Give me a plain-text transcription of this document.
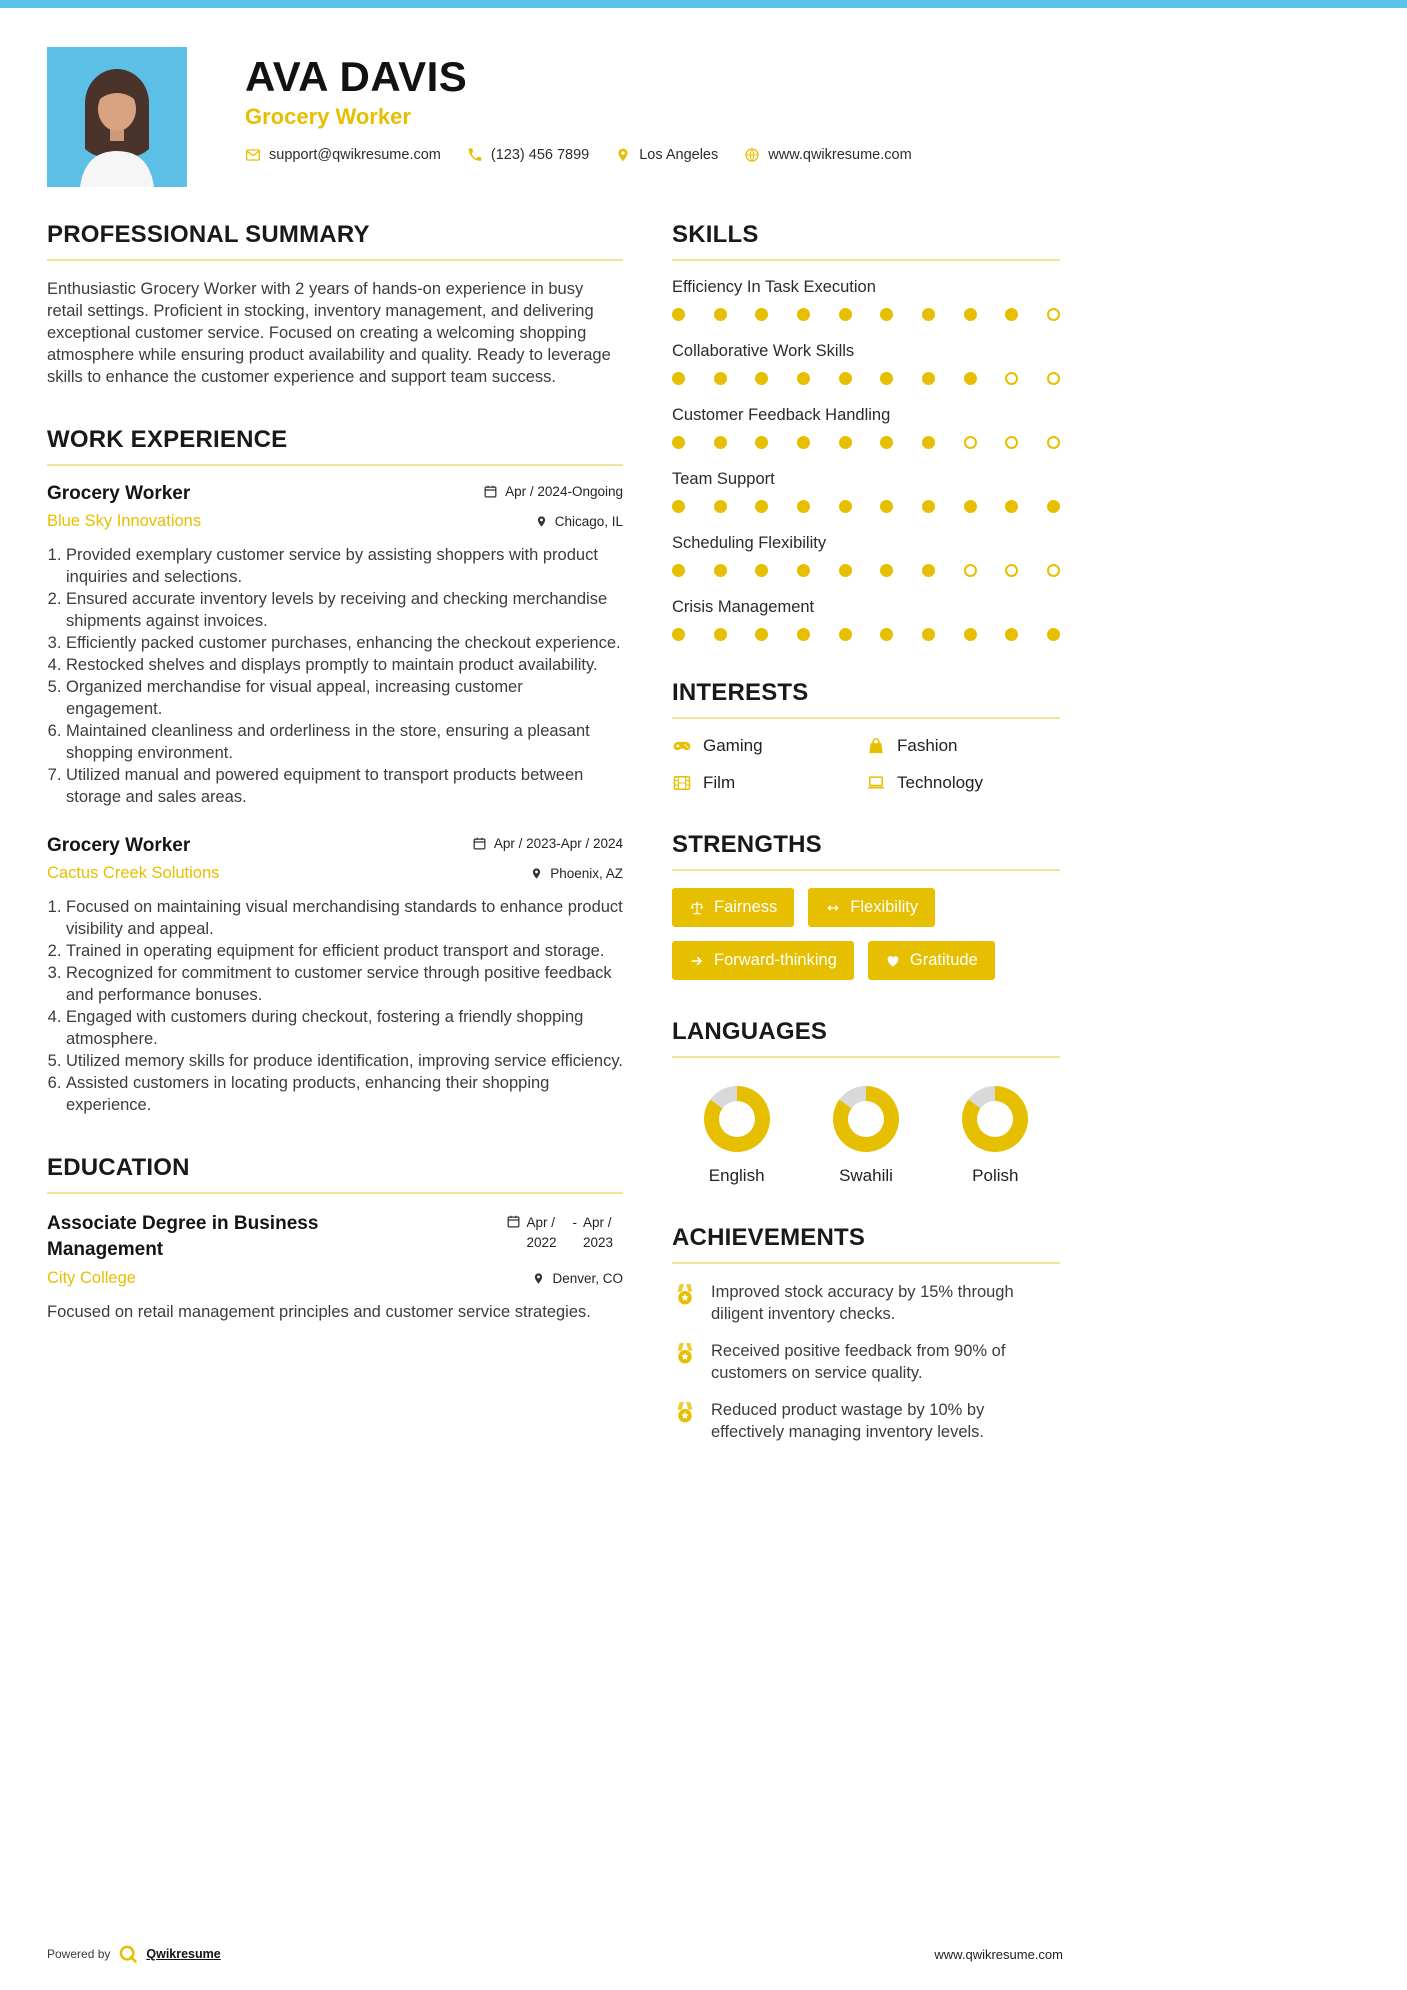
AVA DAVIS
Grocery Worker
support@qwikresume.com	(123) 456 7899	Los Angeles	www.qwikresume.com
PROFESSIONAL SUMMARY

Enthusiastic Grocery Worker with 2 years of hands-on experience in busy retail settings. Proficient in stocking, inventory management, and delivering exceptional customer service. Focused on creating a welcoming shopping atmosphere while ensuring product availability and quality. Ready to leverage skills to enhance the customer experience and support team success.

WORK EXPERIENCE
Grocery Worker	Apr / 2024-Ongoing
Blue Sky Innovations	Chicago, IL
1. Provided exemplary customer service by assisting shoppers with product inquiries and selections.
2. Ensured accurate inventory levels by receiving and checking merchandise shipments against invoices.
3. Efficiently packed customer purchases, enhancing the checkout experience.
4. Restocked shelves and displays promptly to maintain product availability.
5. Organized merchandise for visual appeal, increasing customer engagement.
6. Maintained cleanliness and orderliness in the store, ensuring a pleasant shopping environment.
7. Utilized manual and powered equipment to transport products between storage and sales areas.
Grocery Worker	Apr / 2023-Apr / 2024
Cactus Creek Solutions	Phoenix, AZ
1. Focused on maintaining visual merchandising standards to enhance product visibility and appeal.
2. Trained in operating equipment for efficient product transport and storage.
3. Recognized for commitment to customer service through positive feedback and performance bonuses.
4. Engaged with customers during checkout, fostering a friendly shopping atmosphere.
5. Utilized memory skills for produce identification, improving service efficiency.
6. Assisted customers in locating products, enhancing their shopping experience.
EDUCATION
Associate Degree in Business Management
Apr / 2022
- Apr / 2023
City College	Denver, CO

Focused on retail management principles and customer service strategies.

SKILLS
Efficiency In Task Execution
Collaborative Work Skills
Customer Feedback Handling
Team Support
Scheduling Flexibility
Crisis Management
INTERESTS
Gaming	Fashion
Film	Technology
STRENGTHS
Fairness	Flexibility
Forward-thinking	Gratitude
LANGUAGES
English	Swahili	Polish
ACHIEVEMENTS
Improved stock accuracy by 15% through diligent inventory checks.
Received positive feedback from 90% of customers on service quality.
Reduced product wastage by 10% by effectively managing inventory levels.
Powered by	Qwikresume	www.qwikresume.com
